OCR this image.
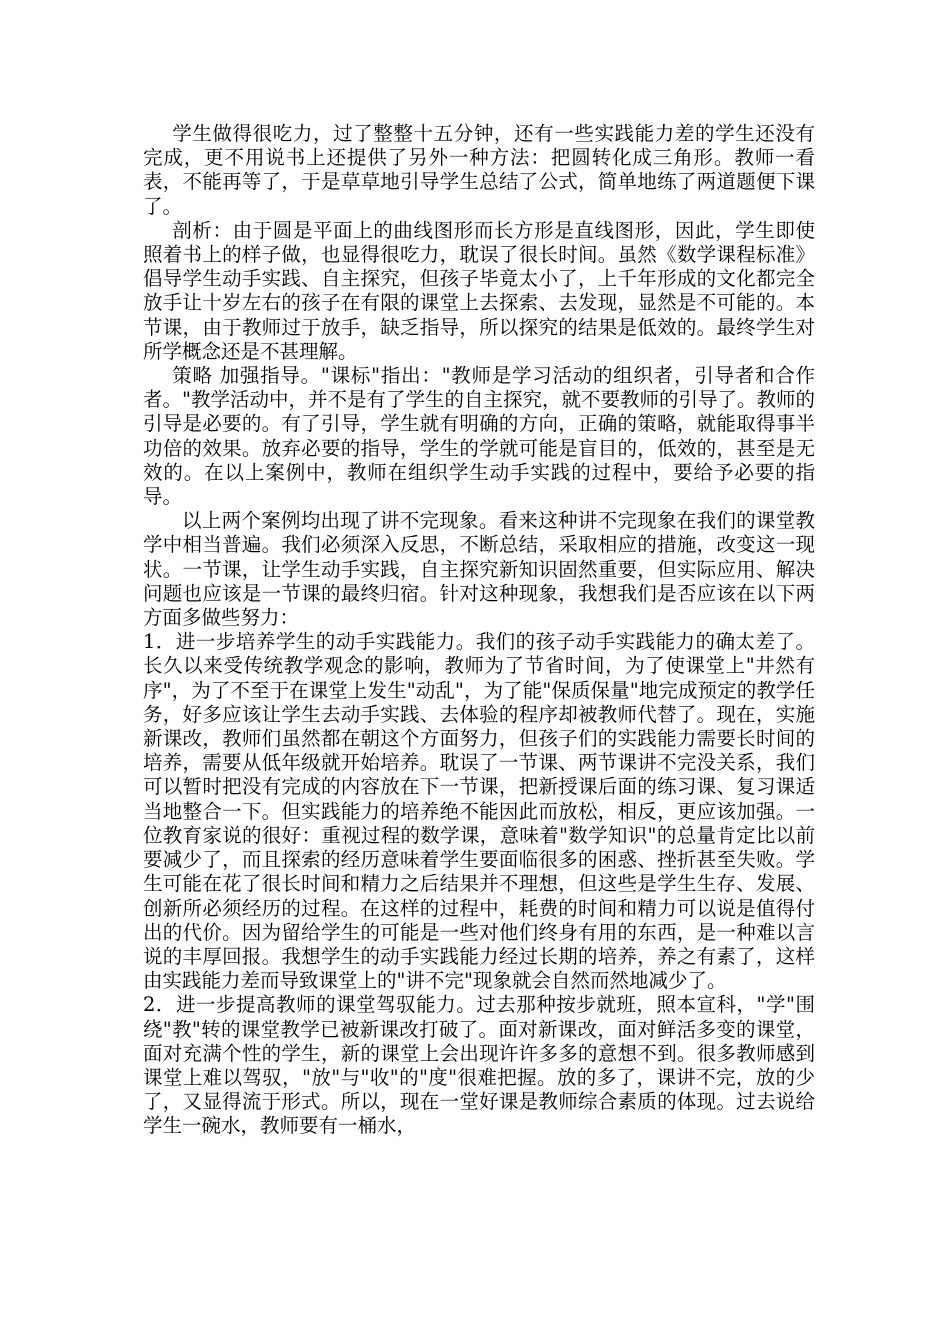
学生做得很吃力，过了整整十五分钟，还有一些实践能力差的学生还没有完成，更不用说书上还提供了另外一种方法：把圆转化成三角形。教师一看表，不能再等了，于是草草地引导学生总结了公式，简单地练了两道题便下课了。

剖析：由于圆是平面上的曲线图形而长方形是直线图形，因此，学生即使照着书上的样子做，也显得很吃力，耽误了很长时间。虽然《数学课程标准》倡导学生动手实践、自主探究，但孩子毕竟太小了，上千年形成的文化都完全放手让十岁左右的孩子在有限的课堂上去探索、去发现，显然是不可能的。本节课，由于教师过于放手，缺乏指导，所以探究的结果是低效的。最终学生对所学概念还是不甚理解。

策略 加强指导。"课标"指出："教师是学习活动的组织者，引导者和合作者。"教学活动中，并不是有了学生的自主探究，就不要教师的引导了。教师的引导是必要的。有了引导，学生就有明确的方向，正确的策略，就能取得事半功倍的效果。放弃必要的指导，学生的学就可能是盲目的，低效的，甚至是无效的。在以上案例中，教师在组织学生动手实践的过程中，要给予必要的指导。

以上两个案例均出现了讲不完现象。看来这种讲不完现象在我们的课堂教学中相当普遍。我们必须深入反思，不断总结，采取相应的措施，改变这一现状。一节课，让学生动手实践，自主探究新知识固然重要，但实际应用、解决问题也应该是一节课的最终归宿。针对这种现象，我想我们是否应该在以下两方面多做些努力：

1．进一步培养学生的动手实践能力。我们的孩子动手实践能力的确太差了。长久以来受传统教学观念的影响，教师为了节省时间，为了使课堂上"井然有序"，为了不至于在课堂上发生"动乱"，为了能"保质保量"地完成预定的教学任务，好多应该让学生去动手实践、去体验的程序却被教师代替了。现在，实施新课改，教师们虽然都在朝这个方面努力，但孩子们的实践能力需要长时间的培养，需要从低年级就开始培养。耽误了一节课、两节课讲不完没关系，我们可以暂时把没有完成的内容放在下一节课，把新授课后面的练习课、复习课适当地整合一下。但实践能力的培养绝不能因此而放松，相反，更应该加强。一位教育家说的很好：重视过程的数学课，意味着"数学知识"的总量肯定比以前要减少了，而且探索的经历意味着学生要面临很多的困惑、挫折甚至失败。学生可能在花了很长时间和精力之后结果并不理想，但这些是学生生存、发展、创新所必须经历的过程。在这样的过程中，耗费的时间和精力可以说是值得付出的代价。因为留给学生的可能是一些对他们终身有用的东西，是一种难以言说的丰厚回报。我想学生的动手实践能力经过长期的培养，养之有素了，这样由实践能力差而导致课堂上的"讲不完"现象就会自然而然地减少了。

2．进一步提高教师的课堂驾驭能力。过去那种按步就班，照本宣科，"学"围绕"教"转的课堂教学已被新课改打破了。面对新课改，面对鲜活多变的课堂，面对充满个性的学生，新的课堂上会出现许许多多的意想不到。很多教师感到课堂上难以驾驭，"放"与"收"的"度"很难把握。放的多了，课讲不完，放的少了，又显得流于形式。所以，现在一堂好课是教师综合素质的体现。过去说给学生一碗水，教师要有一桶水，
